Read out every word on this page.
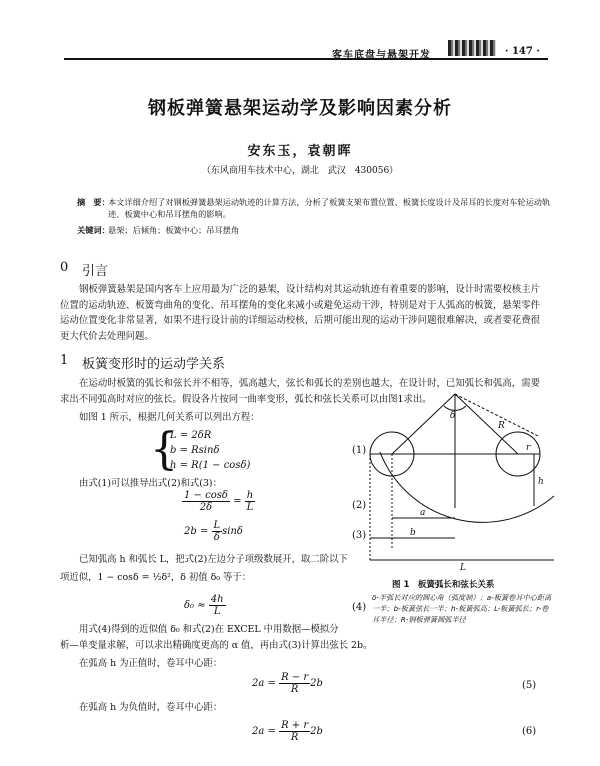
客车底盘与悬架开发	· 147 ·
钢板弹簧悬架运动学及影响因素分析
安东玉，袁朝晖
（东风商用车技术中心，湖北　武汉　430056）
摘　要：
本文详细介绍了对钢板弹簧悬架运动轨迹的计算方法，分析了板簧支架布置位置、板簧长度设计及吊耳的长度对车轮运动轨迹、板簧中心和吊耳摆角的影响。
关键词：
悬架；后倾角；板簧中心；吊耳摆角
0 引言
钢板弹簧悬架是国内客车上应用最为广泛的悬架，设计结构对其运动轨迹有着重要的影响，设计时需要校核主片位置的运动轨迹、板簧弯曲角的变化、吊耳摆角的变化来减小或避免运动干涉，特别是对于人弧高的板簧，悬架零件运动位置变化非常显著，如果不进行设计前的详细运动校核，后期可能出现的运动干涉问题很难解决，或者要花费很更大代价去处理问题。
1 板簧变形时的运动学关系
在运动时板簧的弧长和弦长并不相等，弧高越大，弦长和弧长的差别也越大，在设计时，已知弧长和弧高，需要求出不同弧高时对应的弦长。假设各片按同一曲率变形，弧长和弦长关系可以由图1求出。
如图 1 所示，根据几何关系可以列出方程：
{
L = 2δR
b = Rsinδ
h = R(1 − cosδ)
(1)
由式(1)可以推导出式(2)和式(3)：
$\frac{1 - \cos\delta}{2\delta} = \frac{h}{L}$	(2)
$2b = \frac{L}{\delta}$ sinδ	(3)
已知弧高 h 和弧长 L，把式(2)左边分子项级数展开，取二阶以下
项近似，1 − cosδ = ½δ²，δ 初值 δ₀ 等于：
$\delta_0 \approx \frac{4h}{L}$	(4)
用式(4)得到的近似值 δ₀ 和式(2)在 EXCEL 中用数据—模拟分
析—单变量求解，可以求出精确度更高的 α 值，再由式(3)计算出弦长 2b。
在弧高 h 为正值时，卷耳中心距：
$2a = \frac{R - r}{R} 2b$	(5)
在弧高 h 为负值时，卷耳中心距：
$2a = \frac{R + r}{R} 2b$	(6)
R
r
δ
h
a
b
L
图 1　板簧弧长和弦长关系
δ-半弧长对应的圆心角（弧度制）；a-板簧卷耳中心距离一半；b-板簧弦长一半；h-板簧弧高；L-板簧弧长；r-卷耳半径；R-钢板弹簧圆弧半径
